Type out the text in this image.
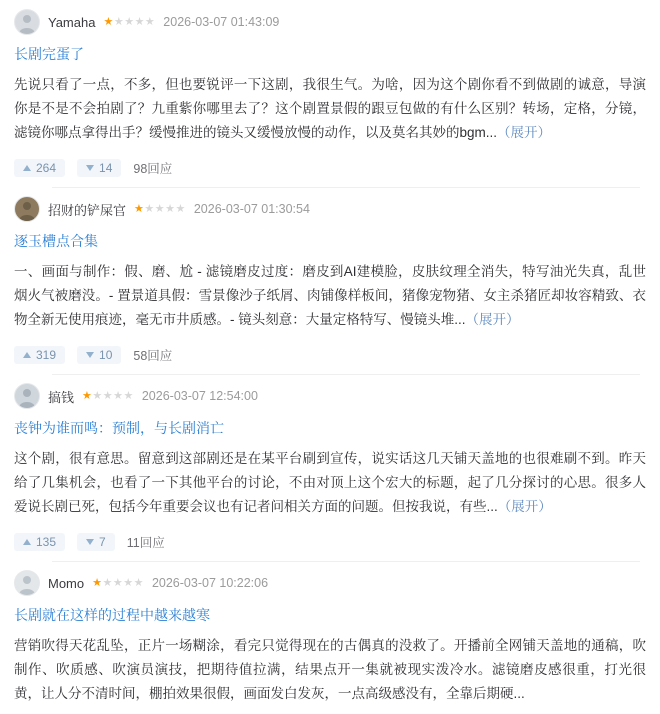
Yamaha ★★★★★ 2026-03-07 01:43:09
长剧完蛋了
先说只看了一点，不多，但也要锐评一下这剧，我很生气。为啥，因为这个剧你看不到做剧的诚意，导演你是不是不会拍剧了？九重紫你哪里去了？这个剧置景假的跟豆包做的有什么区别？转场，定格，分镜，滤镜你哪点拿得出手？缓慢推进的镜头又缓慢放慢的动作，以及莫名其妙的bgm...（展开）
264	14 98回应
招财的铲屎官 ★★★★★ 2026-03-07 01:30:54
逐玉槽点合集
一、画面与制作：假、磨、尬 - 滤镜磨皮过度：磨皮到AI建模脸，皮肤纹理全消失，特写油光失真，乱世烟火气被磨没。- 置景道具假：雪景像沙子纸屑、肉铺像样板间，猪像宠物猪、女主杀猪匠却妆容精致、衣物全新无使用痕迹，毫无市井质感。- 镜头刻意：大量定格特写、慢镜头堆...（展开）
319	10 58回应
搞钱 ★★★★★ 2026-03-07 12:54:00
丧钟为谁而鸣：预制，与长剧消亡
这个剧，很有意思。留意到这部剧还是在某平台刷到宣传，说实话这几天铺天盖地的也很难刷不到。昨天给了几集机会，也看了一下其他平台的讨论，不由对顶上这个宏大的标题，起了几分探讨的心思。很多人爱说长剧已死，包括今年重要会议也有记者问相关方面的问题。但按我说，有些...（展开）
135	7 11回应
Momo ★★★★★ 2026-03-07 10:22:06
长剧就在这样的过程中越来越寒
营销吹得天花乱坠，正片一场糊涂，看完只觉得现在的古偶真的没救了。开播前全网铺天盖地的通稿，吹制作、吹质感、吹演员演技，把期待值拉满，结果点开一集就被现实泼冷水。滤镜磨皮感很重，打光很黄，让人分不清时间，棚拍效果很假，画面发白发灰，一点高级感没有，全靠后期硬...
